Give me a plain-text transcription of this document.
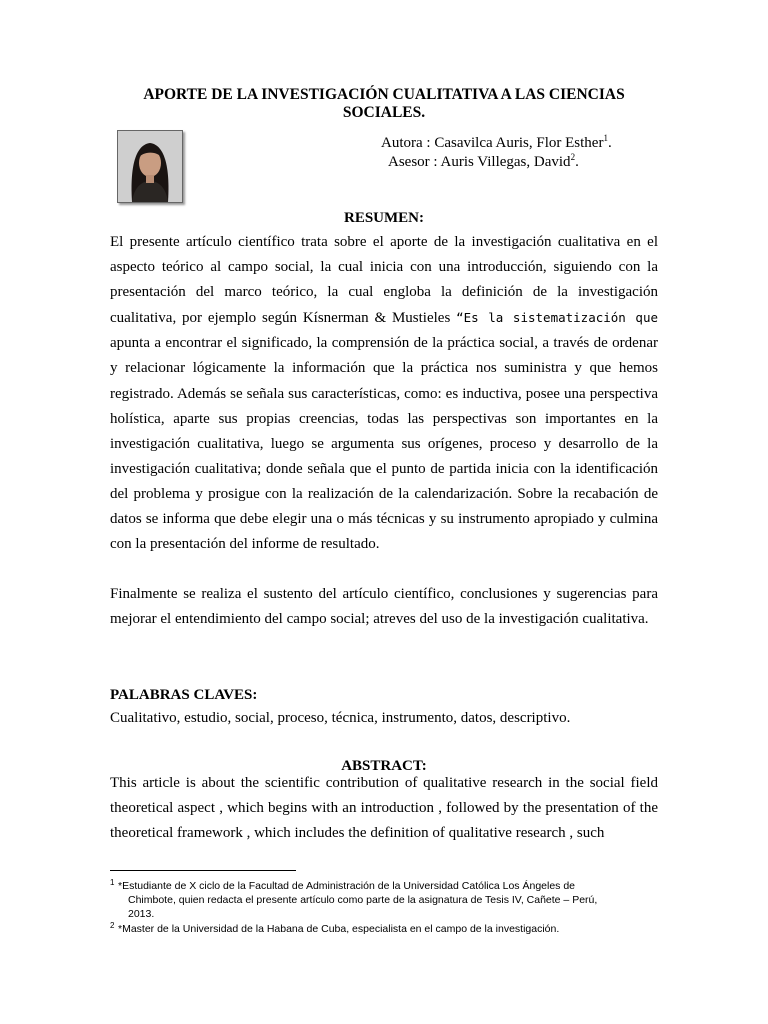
APORTE DE LA INVESTIGACIÓN CUALITATIVA A LAS CIENCIAS
SOCIALES.
Autora : Casavilca Auris, Flor Esther$^1$.
Asesor : Auris Villegas, David$^2$.
RESUMEN:
El presente artículo científico trata sobre el aporte de la investigación cualitativa en el aspecto teórico al campo social, la cual inicia con una introducción, siguiendo con la presentación del marco teórico, la cual engloba la definición de la investigación cualitativa, por ejemplo según Kísnerman & Mustieles “Es la sistematización que apunta a encontrar el significado, la comprensión de la práctica social, a través de ordenar y relacionar lógicamente la información que la práctica nos suministra y que hemos registrado. Además se señala sus características, como: es inductiva, posee una perspectiva holística, aparte sus propias creencias, todas las perspectivas son importantes en la investigación cualitativa, luego se argumenta sus orígenes, proceso y desarrollo de la investigación cualitativa; donde señala que el punto de partida inicia con la identificación del problema y prosigue con la realización de la calendarización. Sobre la recabación de datos se informa que debe elegir una o más técnicas y su instrumento apropiado y culmina con la presentación del informe de resultado.
Finalmente se realiza el sustento del artículo científico, conclusiones y sugerencias para mejorar el entendimiento del campo social; atreves del uso de la investigación cualitativa.
PALABRAS CLAVES:
Cualitativo, estudio, social, proceso, técnica, instrumento, datos, descriptivo.
ABSTRACT:
This article is about the scientific contribution of qualitative research in the social field theoretical aspect , which begins with an introduction , followed by the presentation of the theoretical framework , which includes the definition of qualitative research , such
1 *Estudiante de X ciclo de la Facultad de Administración de la Universidad Católica Los Ángeles de
Chimbote, quien redacta el presente artículo como parte de la asignatura de Tesis IV, Cañete – Perú,
2013.
2 *Master de la Universidad de la Habana de Cuba, especialista en el campo de la investigación.
